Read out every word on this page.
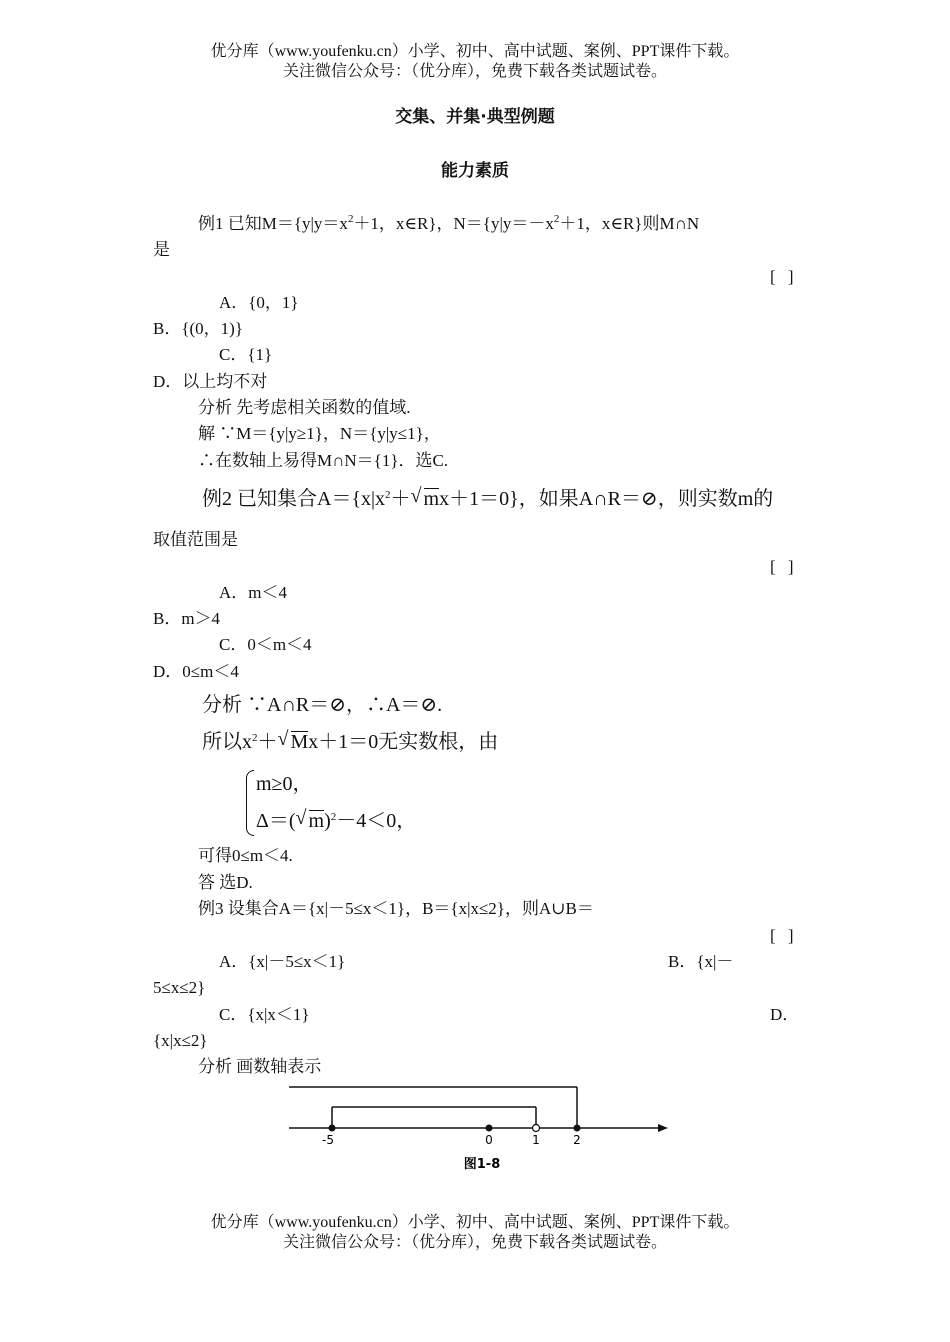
优分库（www.youfenku.cn）小学、初中、高中试题、案例、PPT课件下载。
关注微信公众号：（优分库），免费下载各类试题试卷。
交集、并集·典型例题
能力素质
例1 已知$M=\{y|y=x^2+1$，x∈R}，$N=\{y|y=-x^2+1$，x∈R}则M∩N
是
[ ]
A．{0，1}
B．{(0，1)}
C．{1}
D．以上均不对
分析 先考虑相关函数的值域.
解 ∵M＝{y|y≥1}，N＝{y|y≤1}，
∴在数轴上易得M∩N＝{1}．选C.
例2 已知集合$A=\{x|x^2+$ √ mx＋1＝0}，如果A∩R＝⊘，则实数m的
取值范围是
[ ]
A．m＜4
B．m＞4
C．0＜m＜4
D．0≤m＜4
分析 ∵A∩R＝⊘，∴A＝⊘.
所以$x^2+$ √ Mx＋1＝0无实数根，由
m≥0，
Δ＝( √ m)$^2$－4＜0，
可得0≤m＜4.
答 选D.
例3 设集合A＝{x|－5≤x＜1}，B＝{x|x≤2}，则A∪B＝
[ ]
A．{x|－5≤x＜1}	B．{x|－
5≤x≤2}
C．{x|x＜1}	D．
{x|x≤2}
分析 画数轴表示
-5	0	1	2
图1-8
优分库（www.youfenku.cn）小学、初中、高中试题、案例、PPT课件下载。
关注微信公众号：（优分库），免费下载各类试题试卷。
